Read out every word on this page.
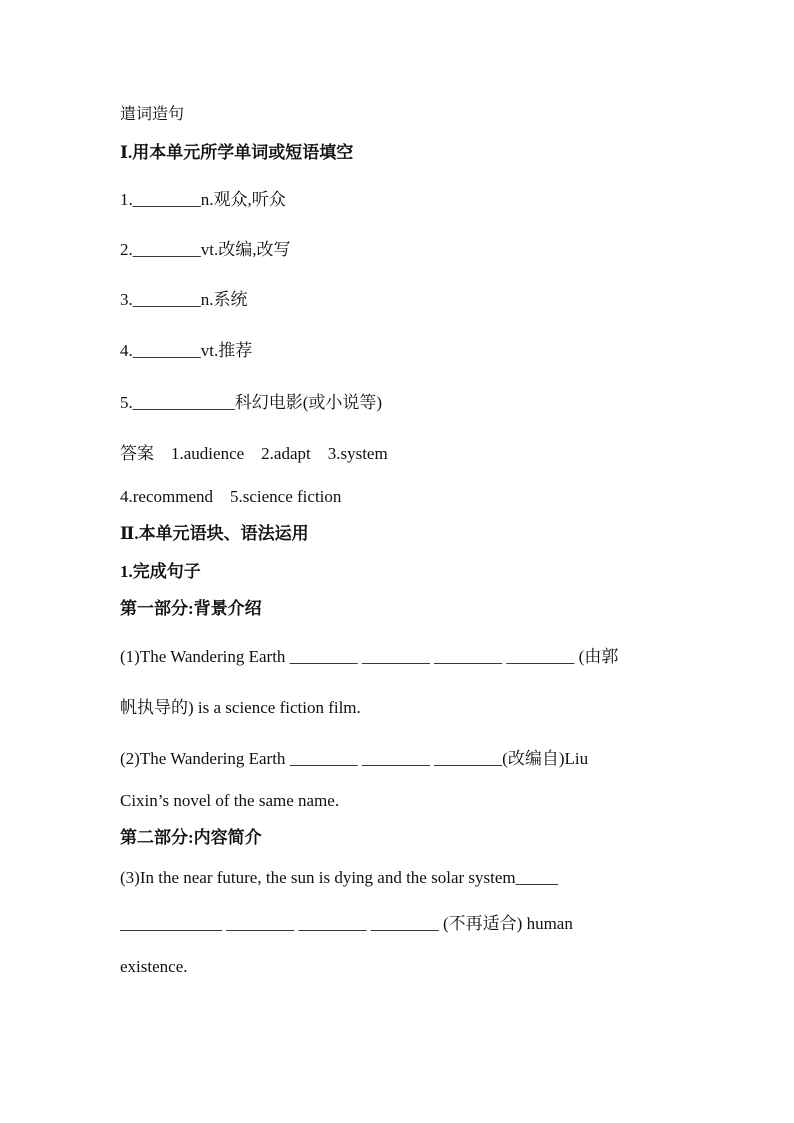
遣词造句
Ⅰ.用本单元所学单词或短语填空
1.________n.观众,听众
2.________vt.改编,改写
3.________n.系统
4.________vt.推荐
5.____________科幻电影(或小说等)
答案　1.audience　2.adapt　3.system
4.recommend　5.science fiction
Ⅱ.本单元语块、语法运用
1.完成句子
第一部分:背景介绍
(1)The Wandering Earth ________ ________ ________ ________ (由郭
帆执导的) is a science fiction film.
(2)The Wandering Earth ________ ________ ________(改编自)Liu
Cixin’s novel of the same name.
第二部分:内容简介
(3)In the near future, the sun is dying and the solar system_____
____________ ________ ________ ________ (不再适合) human
existence.
